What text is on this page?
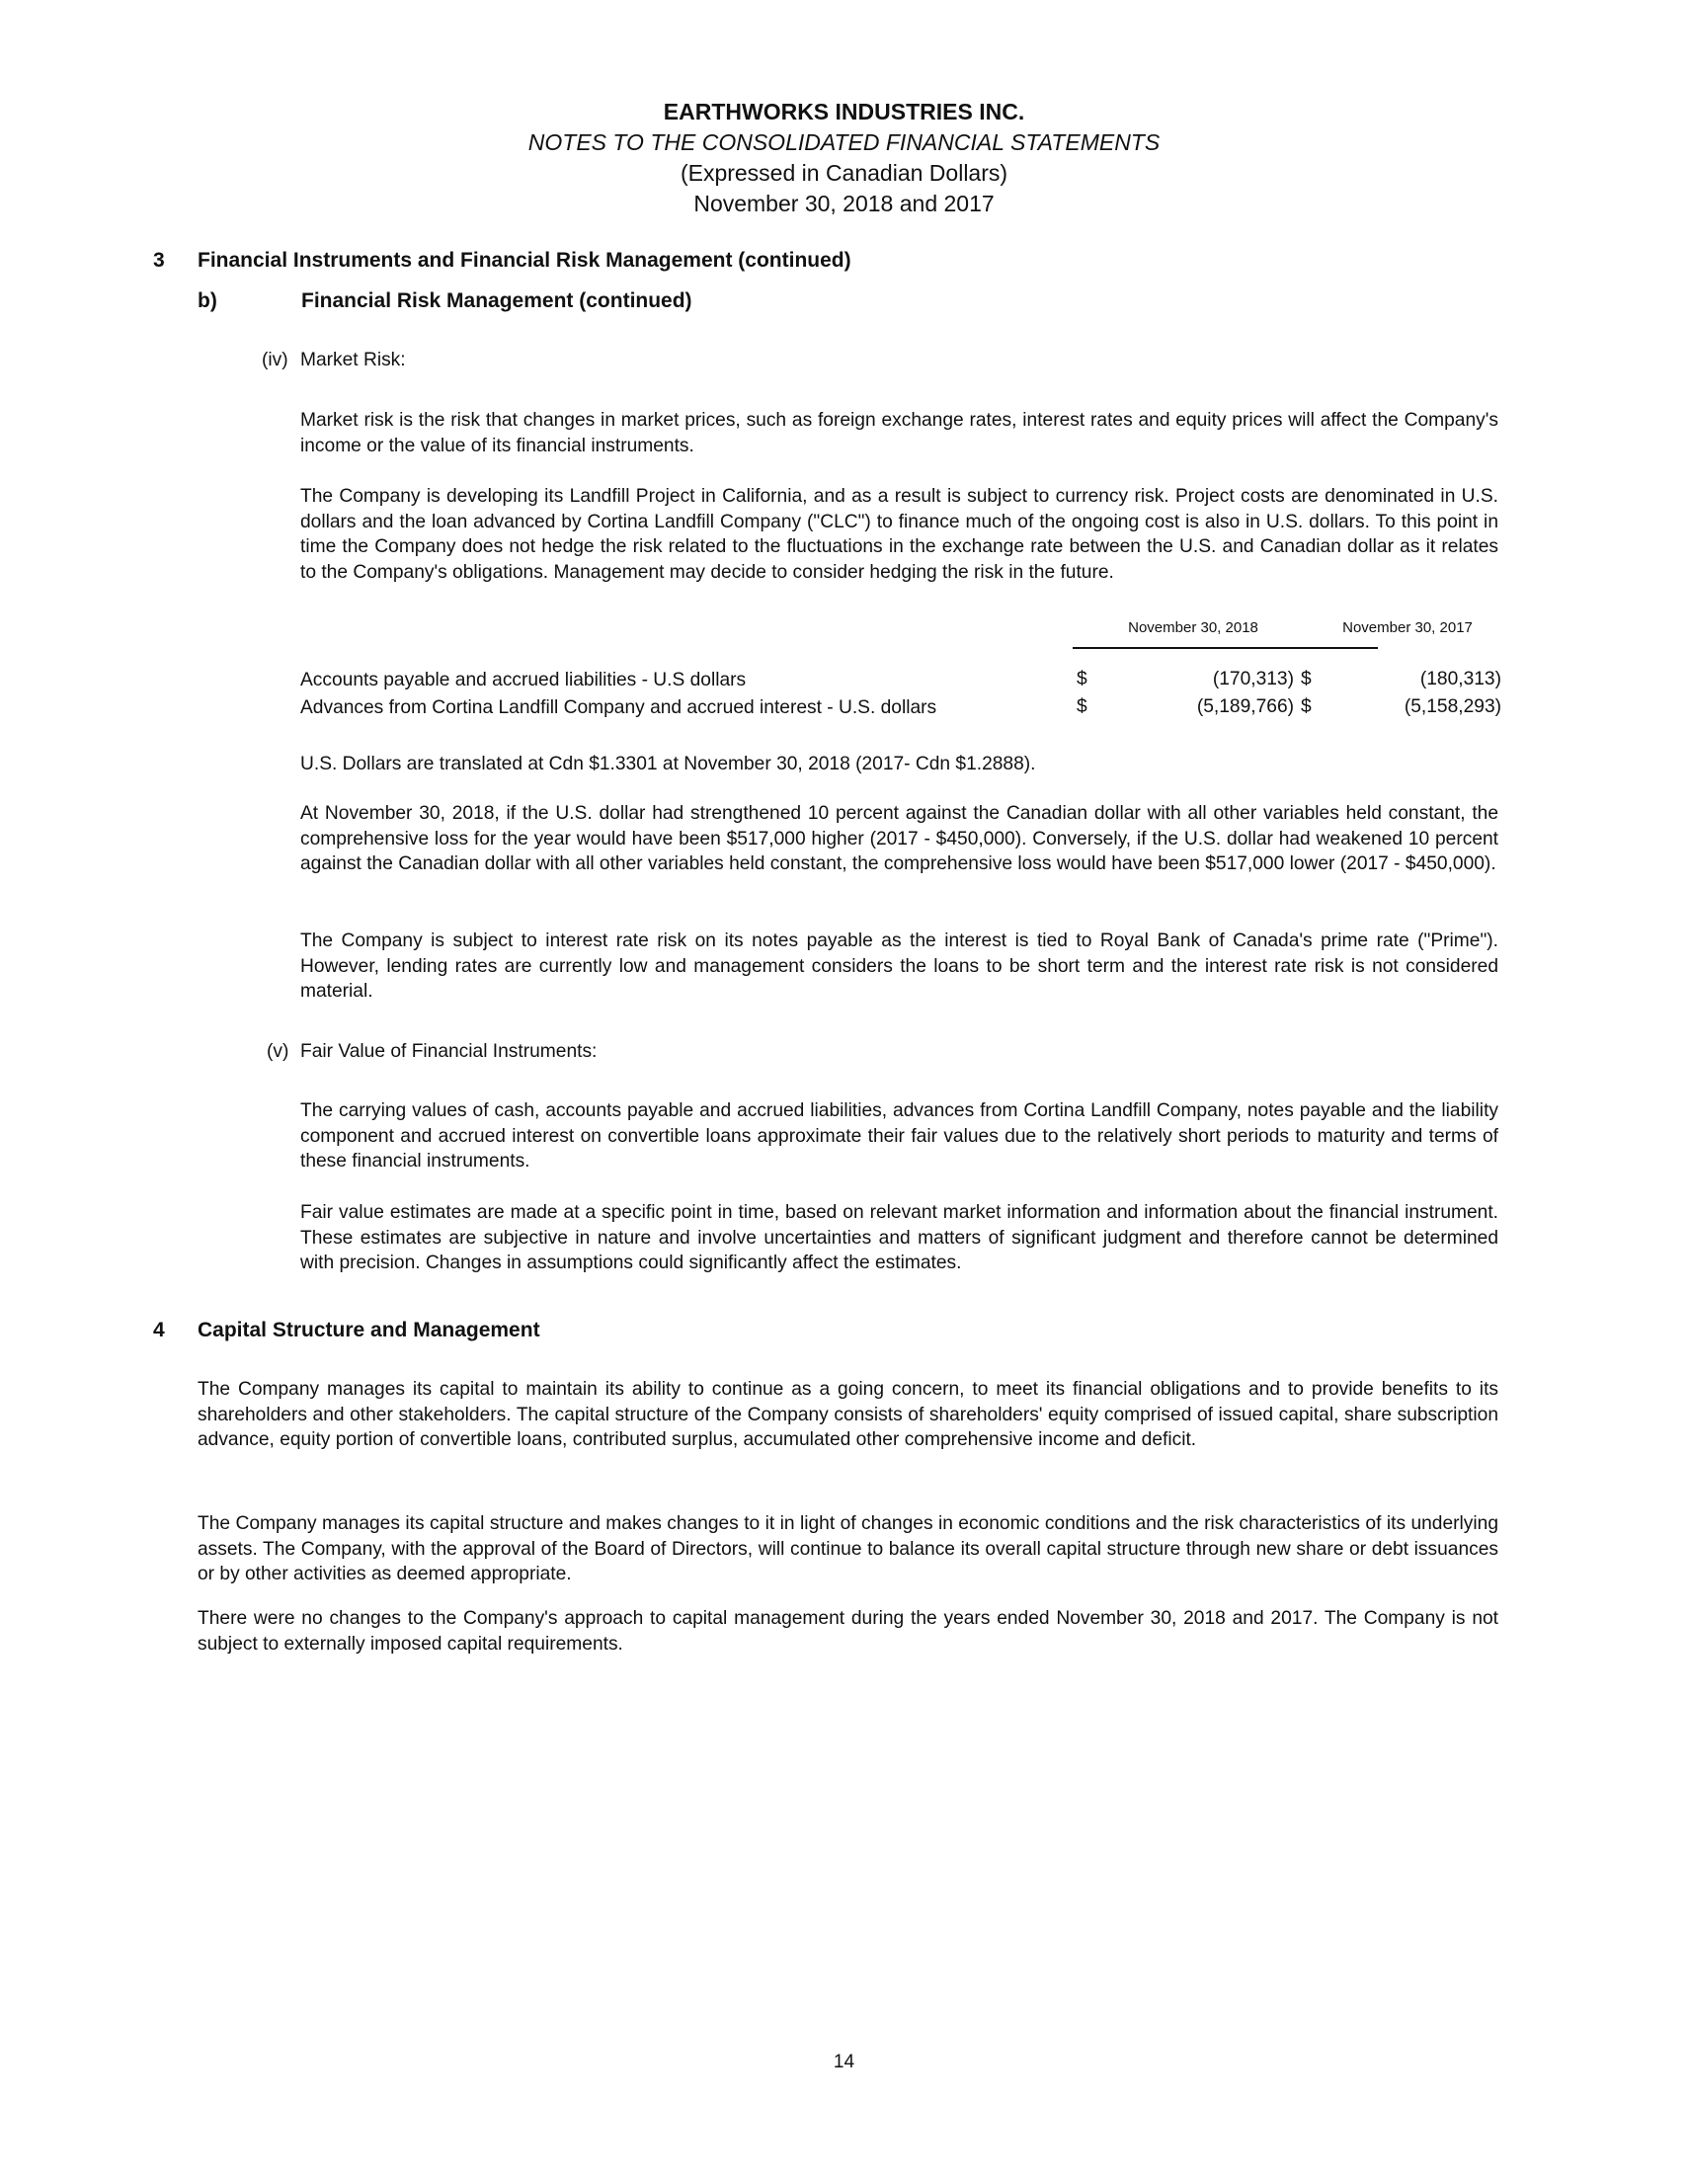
EARTHWORKS INDUSTRIES INC.
NOTES TO THE CONSOLIDATED FINANCIAL STATEMENTS
(Expressed in Canadian Dollars)
November 30, 2018 and 2017
3 Financial Instruments and Financial Risk Management (continued)
b)	Financial Risk Management (continued)
(iv) Market Risk:
Market risk is the risk that changes in market prices, such as foreign exchange rates, interest rates and equity prices will affect the Company's income or the value of its financial instruments.
The Company is developing its Landfill Project in California, and as a result is subject to currency risk. Project costs are denominated in U.S. dollars and the loan advanced by Cortina Landfill Company ("CLC") to finance much of the ongoing cost is also in U.S. dollars. To this point in time the Company does not hedge the risk related to the fluctuations in the exchange rate between the U.S. and Canadian dollar as it relates to the Company's obligations. Management may decide to consider hedging the risk in the future.
November 30, 2018	November 30, 2017
Accounts payable and accrued liabilities - U.S dollars	$	(170,313) $	(180,313)
Advances from Cortina Landfill Company and accrued interest - U.S. dollars	$	(5,189,766) $	(5,158,293)
U.S. Dollars are translated at Cdn $1.3301 at November 30, 2018 (2017- Cdn $1.2888).
At November 30, 2018, if the U.S. dollar had strengthened 10 percent against the Canadian dollar with all other variables held constant, the comprehensive loss for the year would have been $517,000 higher (2017 - $450,000). Conversely, if the U.S. dollar had weakened 10 percent against the Canadian dollar with all other variables held constant, the comprehensive loss would have been $517,000 lower (2017 - $450,000).
The Company is subject to interest rate risk on its notes payable as the interest is tied to Royal Bank of Canada's prime rate ("Prime"). However, lending rates are currently low and management considers the loans to be short term and the interest rate risk is not considered material.
(v) Fair Value of Financial Instruments:
The carrying values of cash, accounts payable and accrued liabilities, advances from Cortina Landfill Company, notes payable and the liability component and accrued interest on convertible loans approximate their fair values due to the relatively short periods to maturity and terms of these financial instruments.
Fair value estimates are made at a specific point in time, based on relevant market information and information about the financial instrument. These estimates are subjective in nature and involve uncertainties and matters of significant judgment and therefore cannot be determined with precision. Changes in assumptions could significantly affect the estimates.
4 Capital Structure and Management
The Company manages its capital to maintain its ability to continue as a going concern, to meet its financial obligations and to provide benefits to its shareholders and other stakeholders. The capital structure of the Company consists of shareholders' equity comprised of issued capital, share subscription advance, equity portion of convertible loans, contributed surplus, accumulated other comprehensive income and deficit.
The Company manages its capital structure and makes changes to it in light of changes in economic conditions and the risk characteristics of its underlying assets. The Company, with the approval of the Board of Directors, will continue to balance its overall capital structure through new share or debt issuances or by other activities as deemed appropriate.
There were no changes to the Company's approach to capital management during the years ended November 30, 2018 and 2017. The Company is not subject to externally imposed capital requirements.
14
